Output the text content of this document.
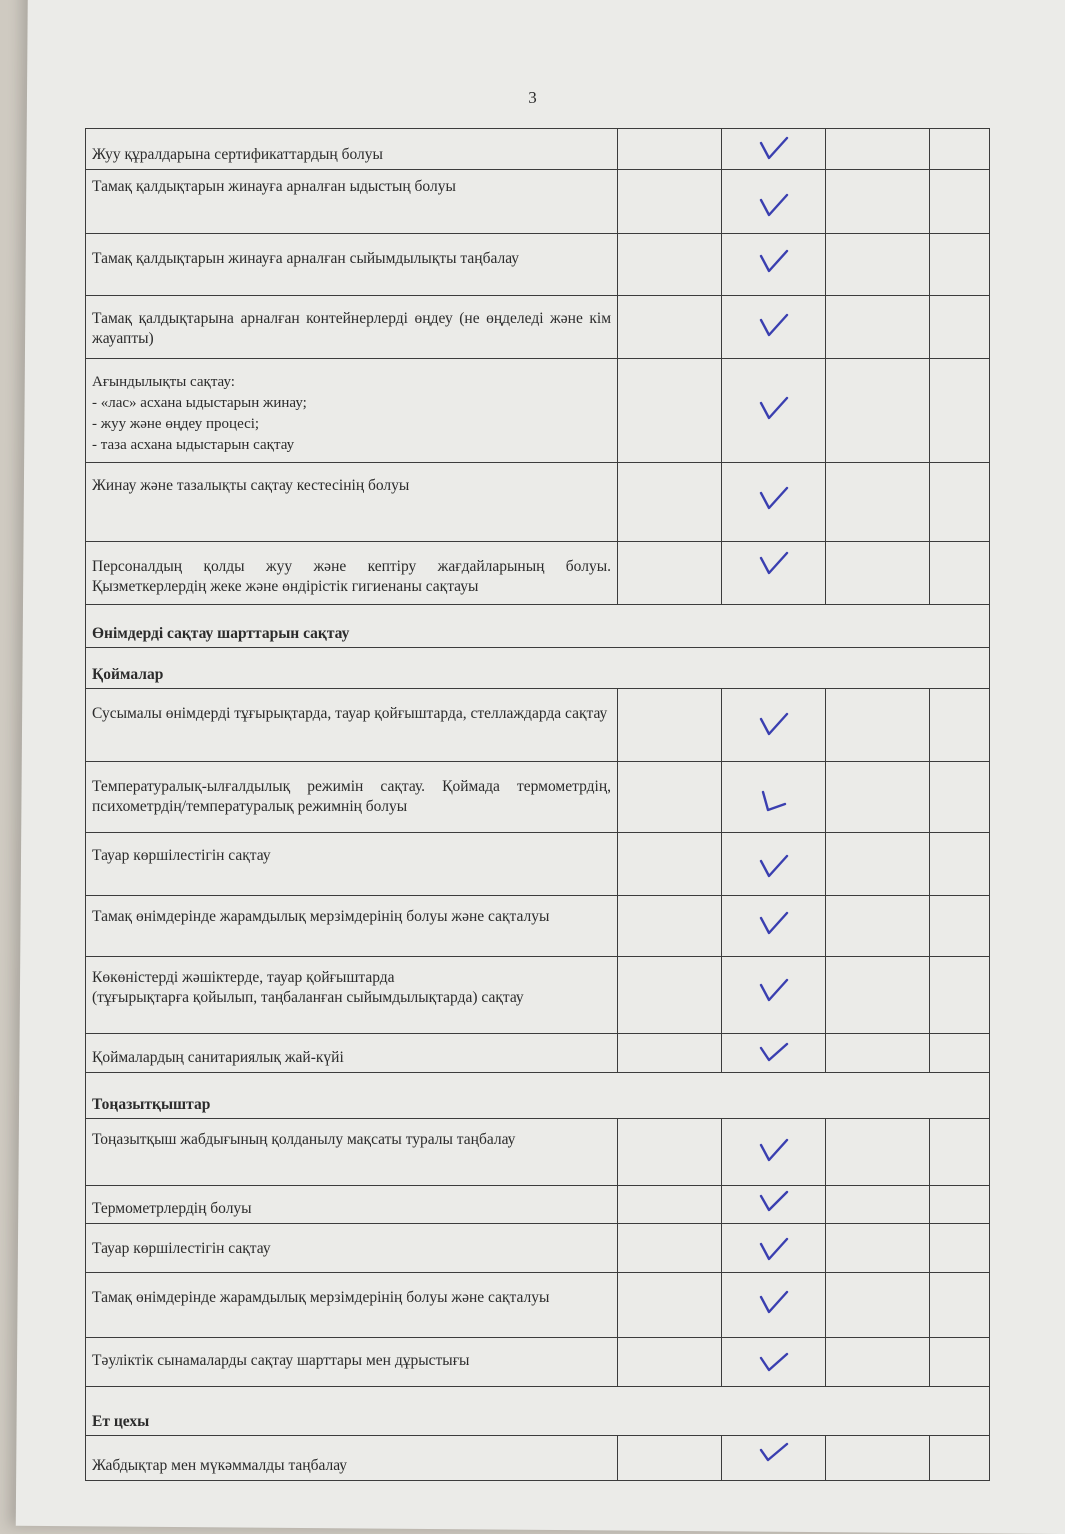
3
Жуу құралдарына сертификаттардың болуы
Тамақ қалдықтарын жинауға арналған ыдыстың болуы
Тамақ қалдықтарын жинауға арналған сыйымдылықты таңбалау
Тамақ қалдықтарына арналған контейнерлерді өңдеу (не өңделеді және кім жауапты)
Ағындылықты сақтау:
- «лас» асхана ыдыстарын жинау;
- жуу және өңдеу процесі;
- таза асхана ыдыстарын сақтау
Жинау және тазалықты сақтау кестесінің болуы
Персоналдың қолды жуу және кептіру жағдайларының болуы. Қызметкерлердің жеке және өндірістік гигиенаны сақтауы
Өнімдерді сақтау шарттарын сақтау
Қоймалар
Сусымалы өнімдерді тұғырықтарда, тауар қойғыштарда, стеллаждарда сақтау
Температуралық-ылғалдылық режимін сақтау. Қоймада термометрдің, психометрдің/температуралық режимнің болуы
Тауар көршілестігін сақтау
Тамақ өнімдерінде жарамдылық мерзімдерінің болуы және сақталуы
Көкөністерді жәшіктерде, тауар қойғыштарда
(тұғырықтарға қойылып, таңбаланған сыйымдылықтарда) сақтау
Қоймалардың санитариялық жай-күйі
Тоңазытқыштар
Тоңазытқыш жабдығының қолданылу мақсаты туралы таңбалау
Термометрлердің болуы
Тауар көршілестігін сақтау
Тамақ өнімдерінде жарамдылық мерзімдерінің болуы және сақталуы
Тәуліктік сынамаларды сақтау шарттары мен дұрыстығы
Ет цехы
Жабдықтар мен мүкәммалды таңбалау
